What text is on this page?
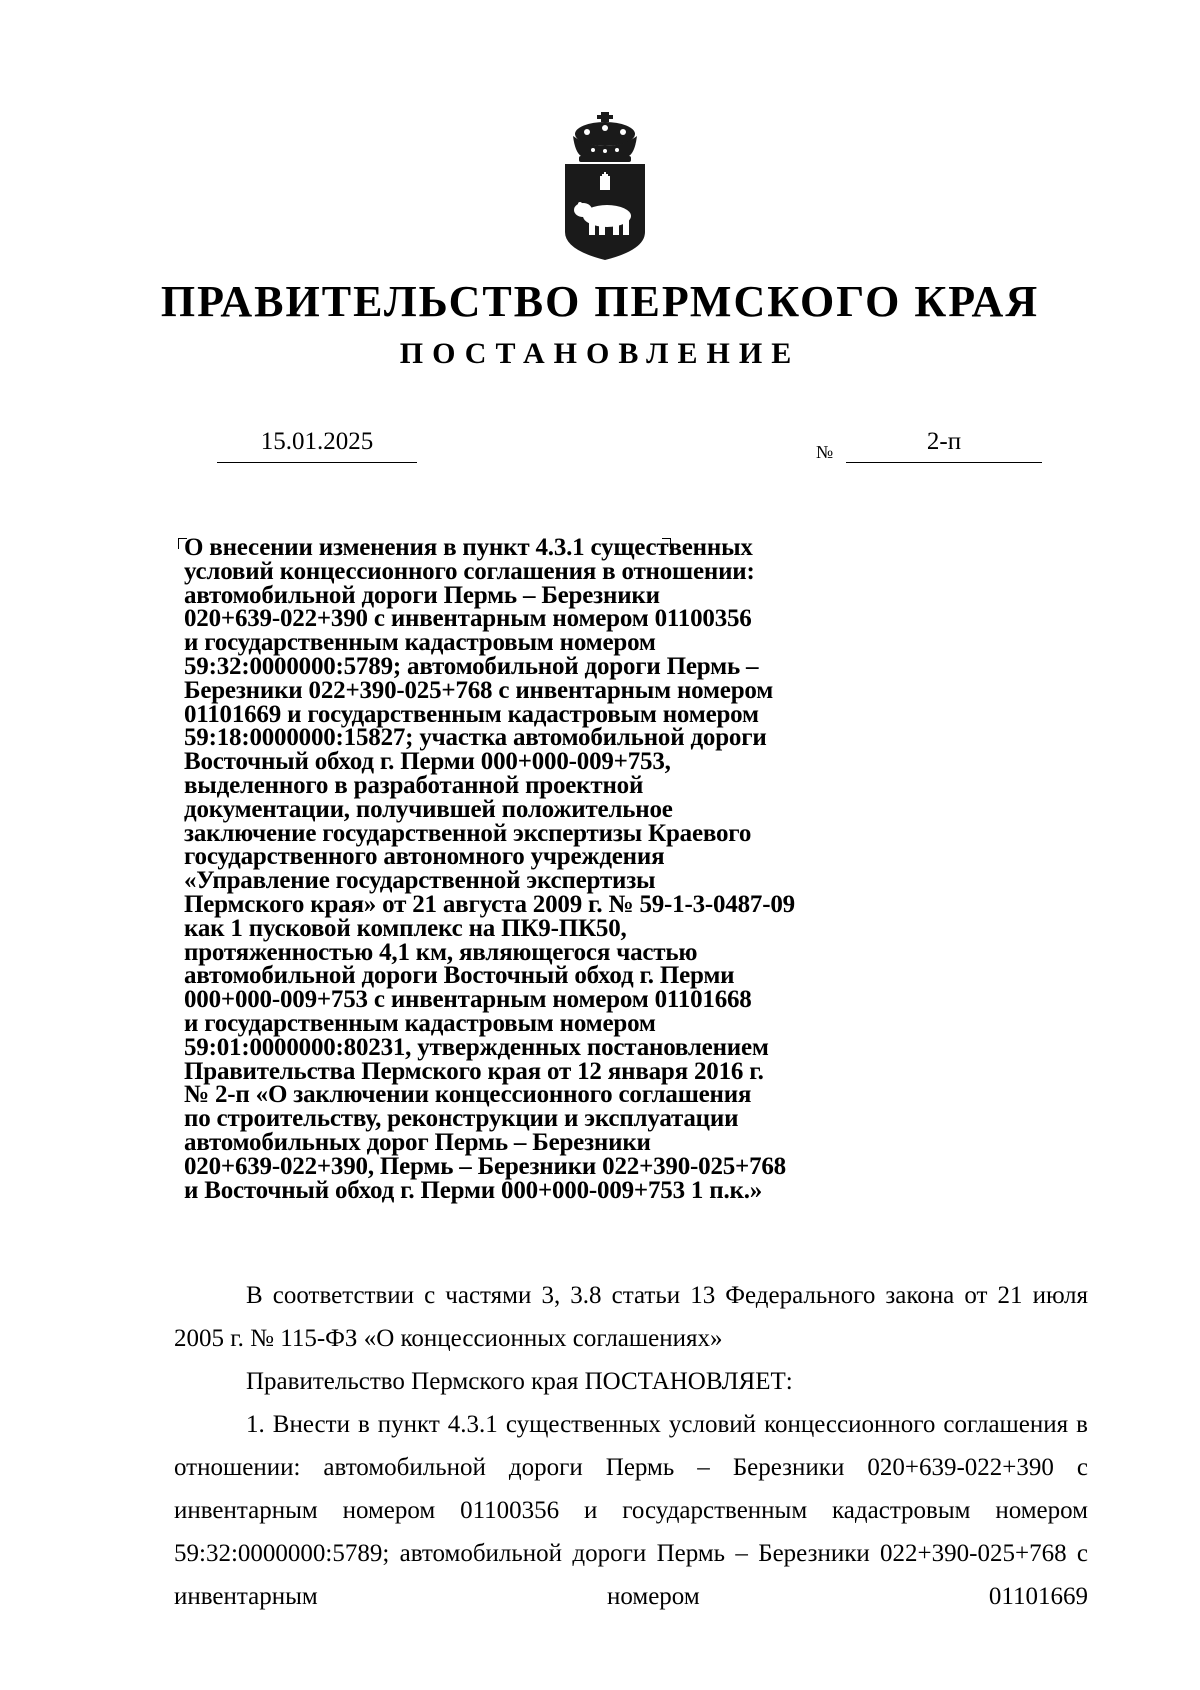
ПРАВИТЕЛЬСТВО ПЕРМСКОГО КРАЯ
ПОСТАНОВЛЕНИЕ
15.01.2025	№	2-п
О внесении изменения в пункт 4.3.1 существенных
условий концессионного соглашения в отношении:
автомобильной дороги Пермь – Березники
020+639-022+390 с инвентарным номером 01100356
и государственным кадастровым номером
59:32:0000000:5789; автомобильной дороги Пермь –
Березники 022+390-025+768 с инвентарным номером
01101669 и государственным кадастровым номером
59:18:0000000:15827; участка автомобильной дороги
Восточный обход г. Перми 000+000-009+753,
выделенного в разработанной проектной
документации, получившей положительное
заключение государственной экспертизы Краевого
государственного автономного учреждения
«Управление государственной экспертизы
Пермского края» от 21 августа 2009 г. № 59-1-3-0487-09
как 1 пусковой комплекс на ПК9-ПК50,
протяженностью 4,1 км, являющегося частью
автомобильной дороги Восточный обход г. Перми
000+000-009+753 с инвентарным номером 01101668
и государственным кадастровым номером
59:01:0000000:80231, утвержденных постановлением
Правительства Пермского края от 12 января 2016 г.
№ 2-п «О заключении концессионного соглашения
по строительству, реконструкции и эксплуатации
автомобильных дорог Пермь – Березники
020+639-022+390, Пермь – Березники 022+390-025+768
и Восточный обход г. Перми 000+000-009+753 1 п.к.»

В соответствии с частями 3, 3.8 статьи 13 Федерального закона от 21 июля 2005 г. № 115-ФЗ «О концессионных соглашениях»

Правительство Пермского края ПОСТАНОВЛЯЕТ:

1. Внести в пункт 4.3.1 существенных условий концессионного соглашения в отношении: автомобильной дороги Пермь – Березники 020+639-022+390 с инвентарным номером 01100356 и государственным кадастровым номером 59:32:0000000:5789; автомобильной дороги Пермь – Березники 022+390-025+768 с инвентарным номером 01101669
